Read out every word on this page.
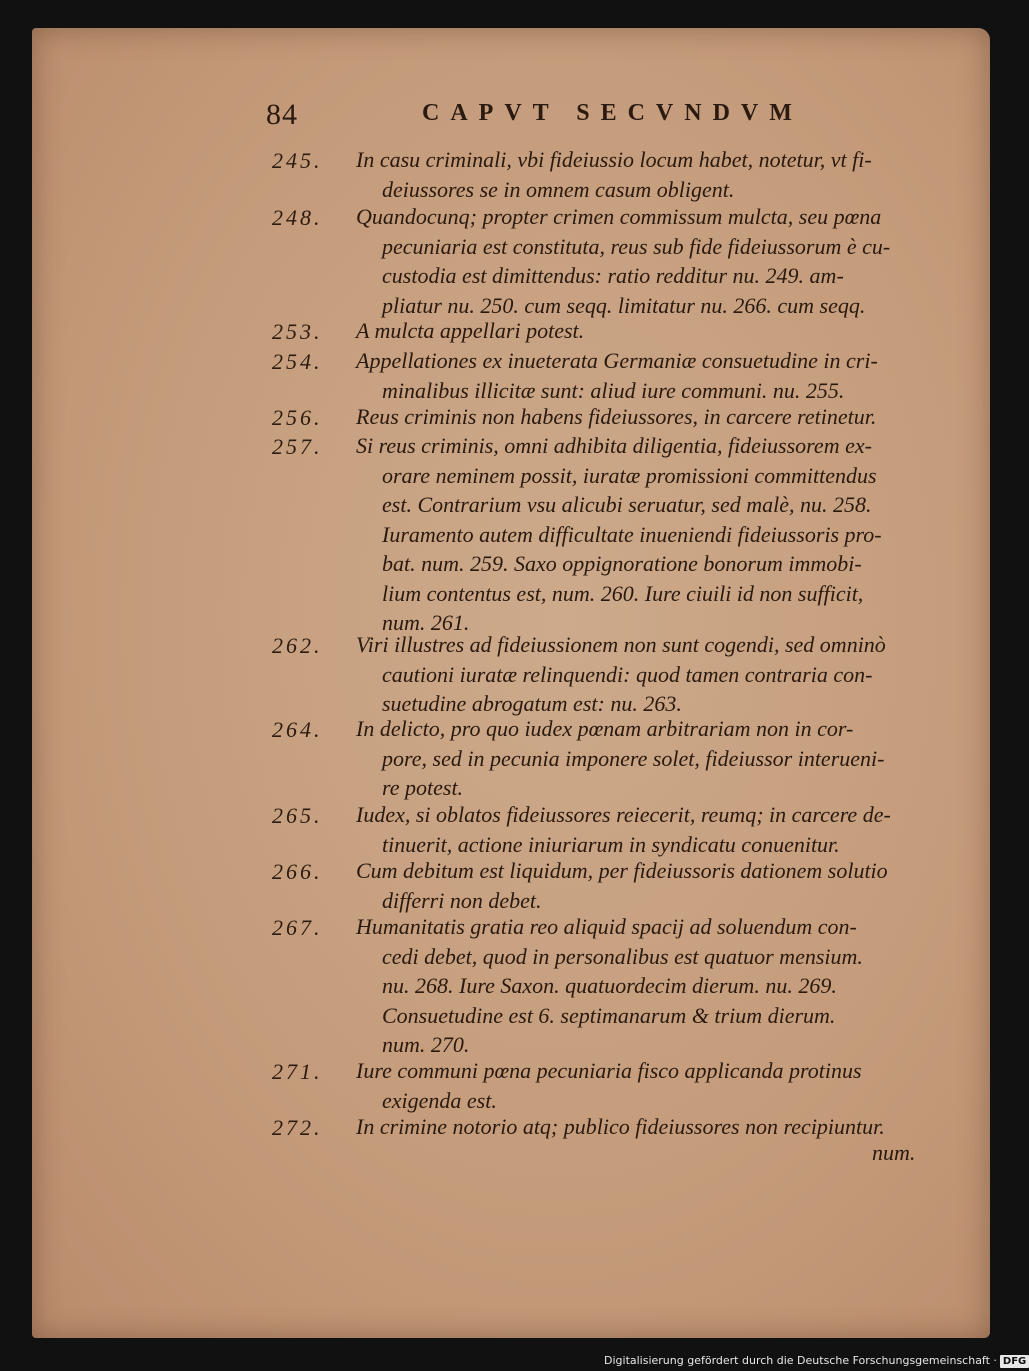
84	CAPVT SECVNDVM
245.	In casu criminali, vbi fideiussio locum habet, notetur, vt fi-
deiussores se in omnem casum obligent.
248.	Quandocunq; propter crimen commissum mulcta, seu pœna
pecuniaria est constituta, reus sub fide fideiussorum è cu-
custodia est dimittendus: ratio redditur nu. 249. am-
pliatur nu. 250. cum seqq. limitatur nu. 266. cum seqq.
253.	A mulcta appellari potest.
254.	Appellationes ex inueterata Germaniæ consuetudine in cri-
minalibus illicitæ sunt: aliud iure communi. nu. 255.
256.	Reus criminis non habens fideiussores, in carcere retinetur.
257.	Si reus criminis, omni adhibita diligentia, fideiussorem ex-
orare neminem possit, iuratæ promissioni committendus
est. Contrarium vsu alicubi seruatur, sed malè, nu. 258.
Iuramento autem difficultate inueniendi fideiussoris pro-
bat. num. 259. Saxo oppignoratione bonorum immobi-
lium contentus est, num. 260. Iure ciuili id non sufficit,
num. 261.
262.	Viri illustres ad fideiussionem non sunt cogendi, sed omninò
cautioni iuratæ relinquendi: quod tamen contraria con-
suetudine abrogatum est: nu. 263.
264.	In delicto, pro quo iudex pœnam arbitrariam non in cor-
pore, sed in pecunia imponere solet, fideiussor interueni-
re potest.
265.	Iudex, si oblatos fideiussores reiecerit, reumq; in carcere de-
tinuerit, actione iniuriarum in syndicatu conuenitur.
266.	Cum debitum est liquidum, per fideiussoris dationem solutio
differri non debet.
267.	Humanitatis gratia reo aliquid spacij ad soluendum con-
cedi debet, quod in personalibus est quatuor mensium.
nu. 268. Iure Saxon. quatuordecim dierum. nu. 269.
Consuetudine est 6. septimanarum & trium dierum.
num. 270.
271.	Iure communi pœna pecuniaria fisco applicanda protinus
exigenda est.
272.	In crimine notorio atq; publico fideiussores non recipiuntur.
num.
Digitalisierung gefördert durch die Deutsche Forschungsgemeinschaft · DFG
